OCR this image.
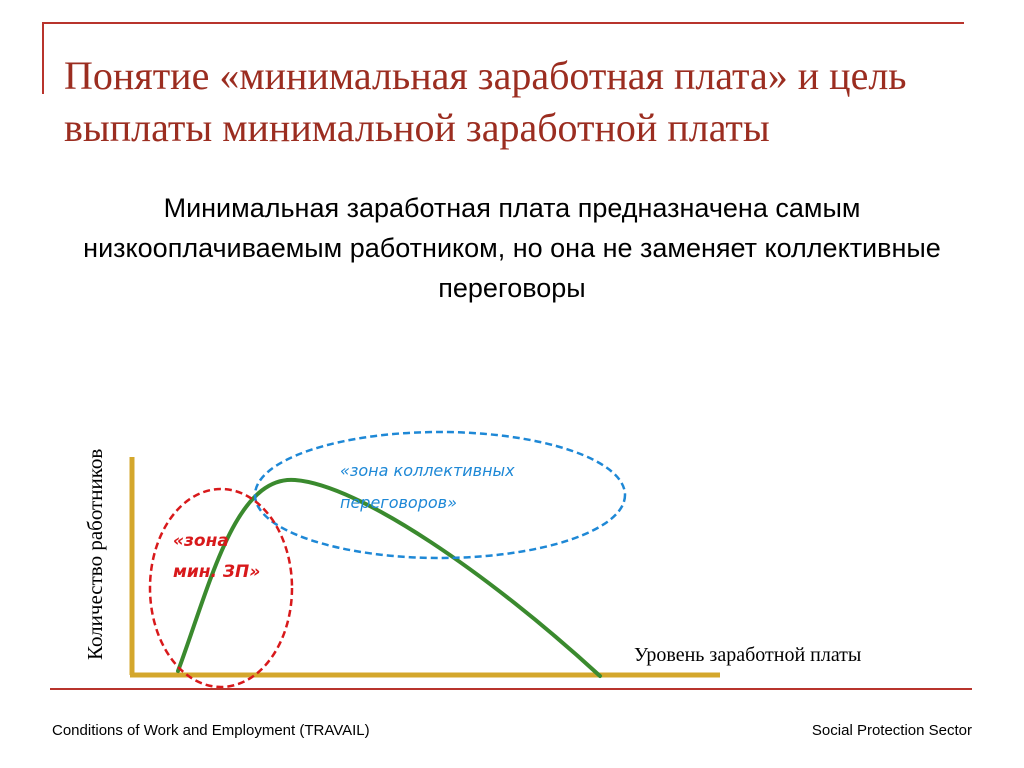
Понятие «минимальная заработная плата» и цель выплаты минимальной заработной платы
Минимальная заработная плата предназначена самым низкооплачиваемым работником, но она не заменяет коллективные переговоры
Количество работников	Уровень заработной платы
«зона коллективных переговоров»
«зона мин. ЗП»
Conditions of Work and Employment (TRAVAIL)	Social Protection Sector
